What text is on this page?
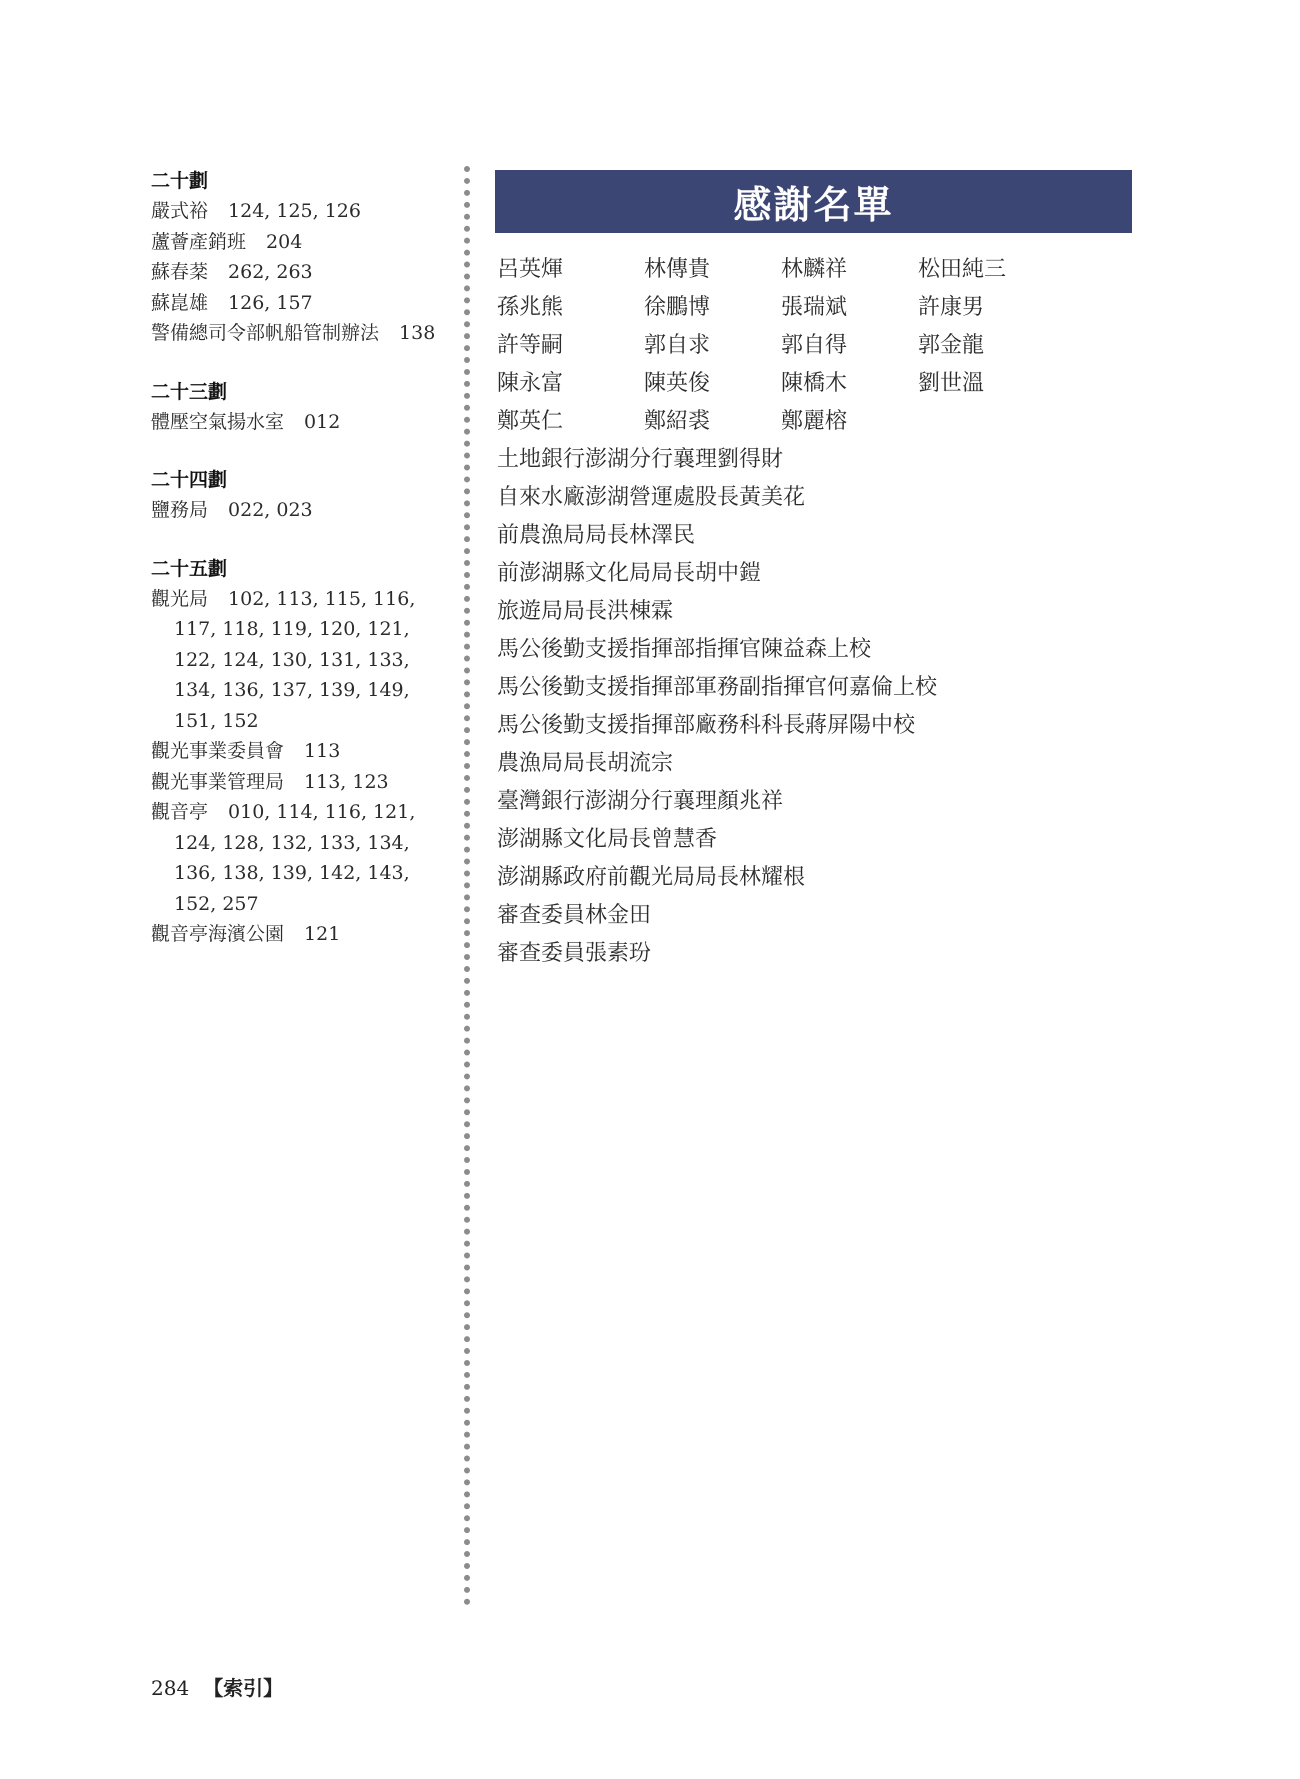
二十劃
嚴式裕 124, 125, 126
蘆薈產銷班 204
蘇春棻 262, 263
蘇崑雄 126, 157
警備總司令部帆船管制辦法 138
二十三劃
體壓空氣揚水室 012
二十四劃
鹽務局 022, 023
二十五劃
觀光局 102, 113, 115, 116, 117, 118, 119, 120, 121, 122, 124, 130, 131, 133, 134, 136, 137, 139, 149, 151, 152
觀光事業委員會 113
觀光事業管理局 113, 123
觀音亭 010, 114, 116, 121, 124, 128, 132, 133, 134, 136, 138, 139, 142, 143, 152, 257
觀音亭海濱公園 121
感謝名單
呂英煇	林傳貴	林麟祥	松田純三
孫兆熊	徐鵬博	張瑞斌	許康男
許等嗣	郭自求	郭自得	郭金龍
陳永富	陳英俊	陳橋木	劉世溫
鄭英仁	鄭紹裘	鄭麗榕
土地銀行澎湖分行襄理劉得財
自來水廠澎湖營運處股長黃美花
前農漁局局長林澤民
前澎湖縣文化局局長胡中鎧
旅遊局局長洪棟霖
馬公後勤支援指揮部指揮官陳益森上校
馬公後勤支援指揮部軍務副指揮官何嘉倫上校
馬公後勤支援指揮部廠務科科長蔣屏陽中校
農漁局局長胡流宗
臺灣銀行澎湖分行襄理顏兆祥
澎湖縣文化局長曾慧香
澎湖縣政府前觀光局局長林耀根
審查委員林金田
審查委員張素玢
284 【索引】
